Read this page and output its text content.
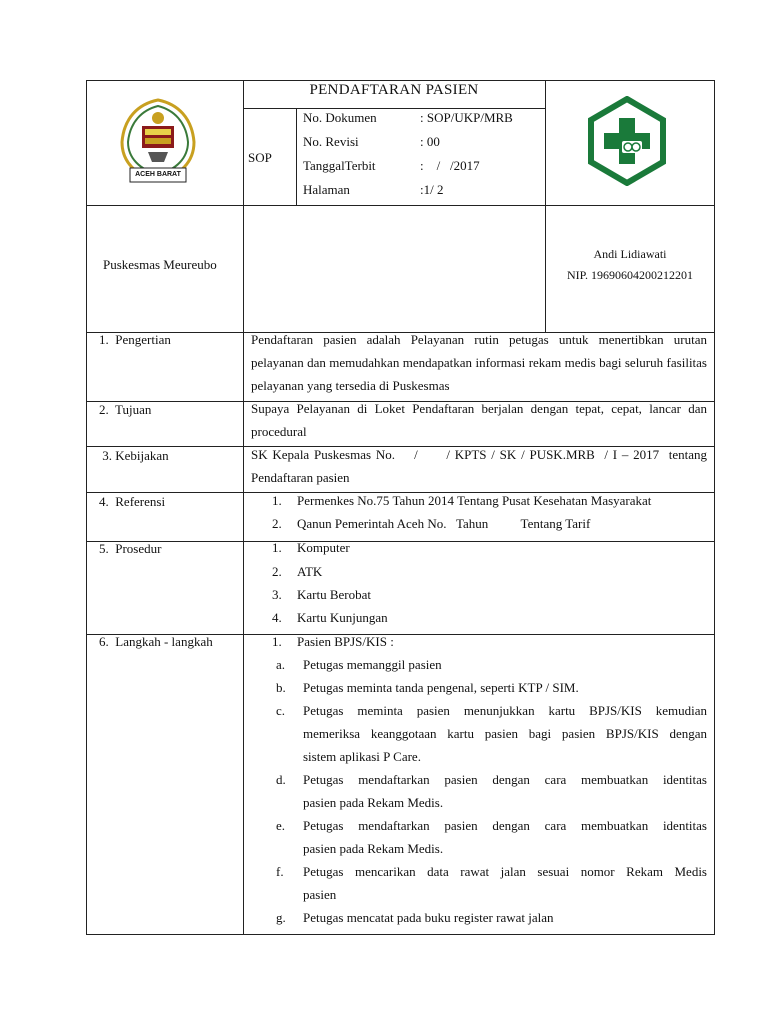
ACEH BARAT
PENDAFTARAN PASIEN
SOP
No. Dokumen	: SOP/UKP/MRB
No. Revisi	: 00
TanggalTerbit	:    /   /2017
Halaman	:1/ 2
Puskesmas Meureubo
Andi Lidiawati
NIP. 19690604200212201
1.  Pengertian	Pendaftaran pasien adalah Pelayanan rutin petugas untuk menertibkan urutan pelayanan dan memudahkan mendapatkan informasi rekam medis bagi seluruh fasilitas pelayanan yang tersedia di Puskesmas
2.  Tujuan	Supaya Pelayanan di Loket Pendaftaran berjalan dengan tepat, cepat, lancar dan procedural
3. Kebijakan	SK Kepala Puskesmas No.    /      / KPTS / SK / PUSK.MRB  / I – 2017  tentang
Pendaftaran pasien
4.  Referensi	1. Permenkes No.75 Tahun 2014 Tentang Pusat Kesehatan Masyarakat
2. Qanun Pemerintah Aceh No.   Tahun          Tentang Tarif
5.  Prosedur	1. Komputer
2. ATK
3. Kartu Berobat
4. Kartu Kunjungan
6.  Langkah - langkah	1. Pasien BPJS/KIS :
a. Petugas memanggil pasien
b. Petugas meminta tanda pengenal, seperti KTP / SIM.
c. Petugas meminta pasien menunjukkan kartu BPJS/KIS kemudian
memeriksa keanggotaan kartu pasien bagi pasien BPJS/KIS dengan
sistem aplikasi P Care.
d. Petugas mendaftarkan pasien dengan cara membuatkan identitas
pasien pada Rekam Medis.
e. Petugas mendaftarkan pasien dengan cara membuatkan identitas
pasien pada Rekam Medis.
f. Petugas mencarikan data rawat jalan sesuai nomor Rekam Medis
pasien
g. Petugas mencatat pada buku register rawat jalan
